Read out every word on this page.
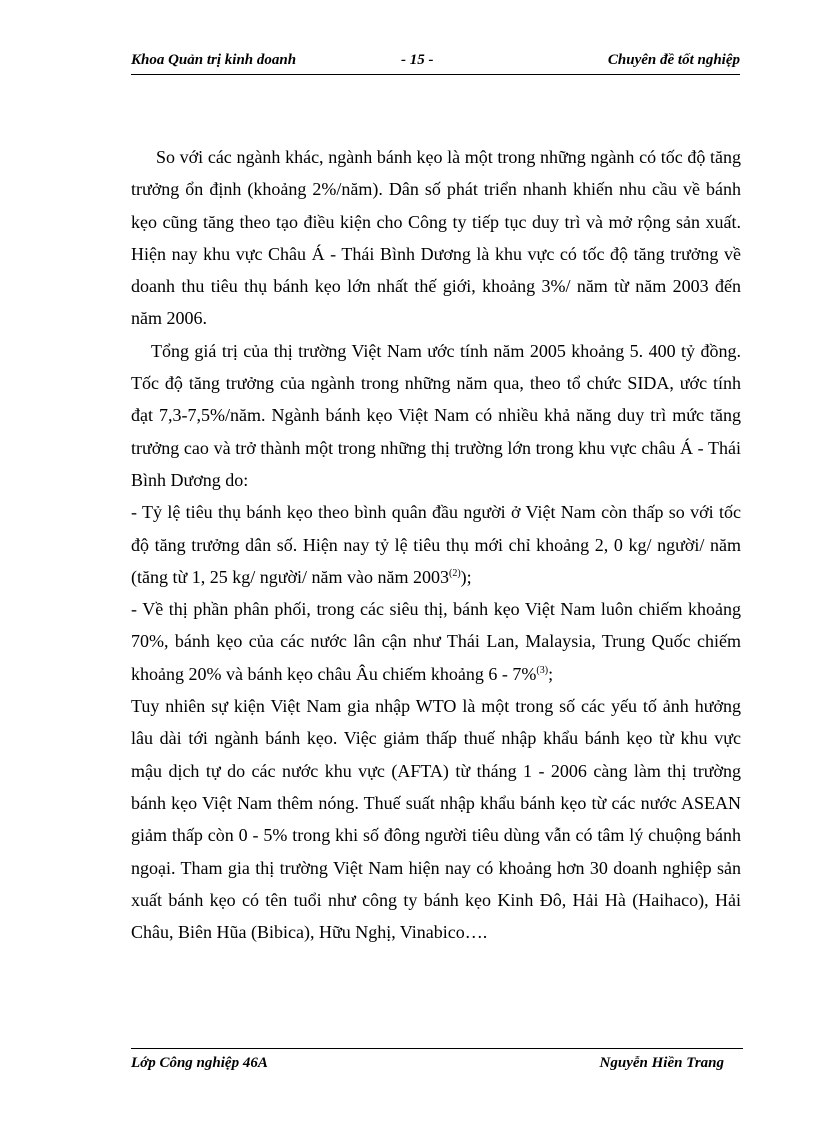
Khoa Quản trị kinh doanh	- 15 -	Chuyên đề tốt nghiệp

So với các ngành khác, ngành bánh kẹo là một trong những ngành có tốc độ tăng trưởng ổn định (khoảng 2%/năm). Dân số phát triển nhanh khiến nhu cầu về bánh kẹo cũng tăng theo tạo điều kiện cho Công ty tiếp tục duy trì và mở rộng sản xuất. Hiện nay khu vực Châu Á - Thái Bình Dương là khu vực có tốc độ tăng trưởng về doanh thu tiêu thụ bánh kẹo lớn nhất thế giới, khoảng 3%/ năm từ năm 2003 đến năm 2006.

Tổng giá trị của thị trường Việt Nam ước tính năm 2005 khoảng 5. 400 tỷ đồng. Tốc độ tăng trưởng của ngành trong những năm qua, theo tổ chức SIDA, ước tính đạt 7,3-7,5%/năm. Ngành bánh kẹo Việt Nam có nhiều khả năng duy trì mức tăng trưởng cao và trở thành một trong những thị trường lớn trong khu vực châu Á - Thái Bình Dương do:

- Tỷ lệ tiêu thụ bánh kẹo theo bình quân đầu người ở Việt Nam còn thấp so với tốc độ tăng trưởng dân số. Hiện nay tỷ lệ tiêu thụ mới chỉ khoảng 2, 0 kg/ người/ năm (tăng từ 1, 25 kg/ người/ năm vào năm 2003$^{(2)}$);

- Về thị phần phân phối, trong các siêu thị, bánh kẹo Việt Nam luôn chiếm khoảng 70%, bánh kẹo của các nước lân cận như Thái Lan, Malaysia, Trung Quốc chiếm khoảng 20% và bánh kẹo châu Âu chiếm khoảng 6 - 7%$^{(3)}$;

Tuy nhiên sự kiện Việt Nam gia nhập WTO là một trong số các yếu tố ảnh hưởng lâu dài tới ngành bánh kẹo. Việc giảm thấp thuế nhập khẩu bánh kẹo từ khu vực mậu dịch tự do các nước khu vực (AFTA) từ tháng 1 - 2006 càng làm thị trường bánh kẹo Việt Nam thêm nóng. Thuế suất nhập khẩu bánh kẹo từ các nước ASEAN giảm thấp còn 0 - 5% trong khi số đông người tiêu dùng vẫn có tâm lý chuộng bánh ngoại. Tham gia thị trường Việt Nam hiện nay có khoảng hơn 30 doanh nghiệp sản xuất bánh kẹo có tên tuổi như công ty bánh kẹo Kinh Đô, Hải Hà (Haihaco), Hải Châu, Biên Hũa (Bibica), Hữu Nghị, Vinabico….

Lớp Công nghiệp 46A	Nguyễn Hiền Trang
